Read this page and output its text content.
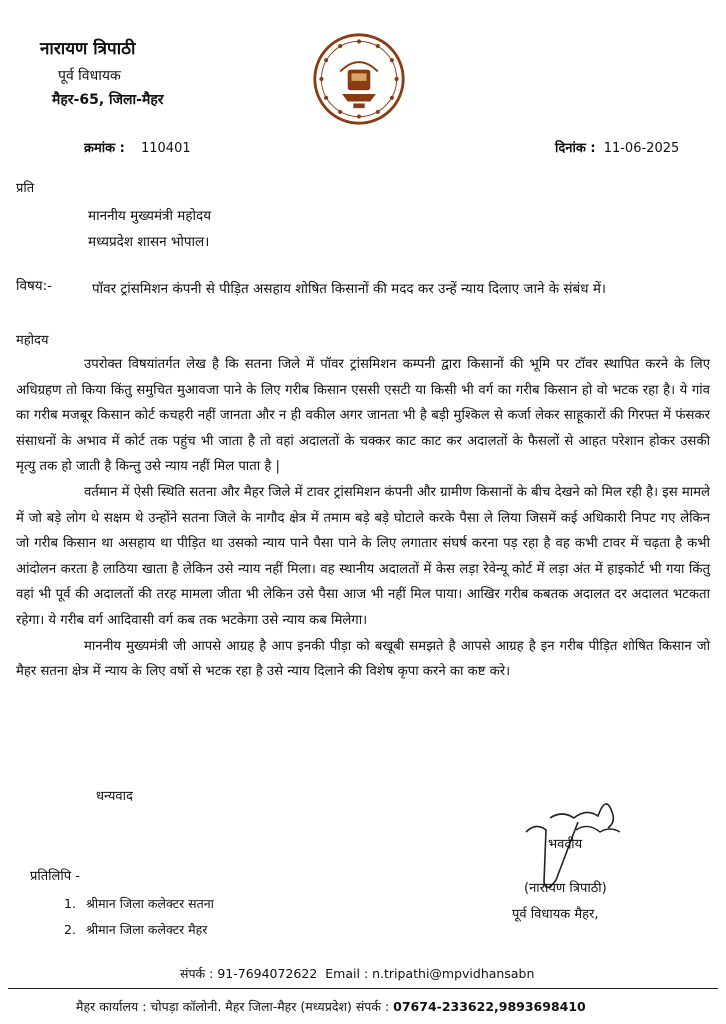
नारायण त्रिपाठी
पूर्व विधायक
मैहर-65, जिला-मैहर
क्रमांक : 110401	दिनांक : 11-06-2025
प्रति
माननीय मुख्यमंत्री महोदय
मध्यप्रदेश शासन भोपाल।
विषय:-	पॉवर ट्रांसमिशन कंपनी से पीड़ित असहाय शोषित किसानों की मदद कर उन्हें न्याय दिलाए जाने के संबंध में।
महोदय

उपरोक्त विषयांतर्गत लेख है कि सतना जिले में पॉवर ट्रांसमिशन कम्पनी द्वारा किसानों की भूमि पर टॉवर स्थापित करने के लिए अधिग्रहण तो किया किंतु समुचित मुआवजा पाने के लिए गरीब किसान एससी एसटी या किसी भी वर्ग का गरीब किसान हो वो भटक रहा है। ये गांव का गरीब मजबूर किसान कोर्ट कचहरी नहीं जानता और न ही वकील अगर जानता भी है बड़ी मुश्किल से कर्जा लेकर साहूकारों की गिरफ्त में फंसकर संसाधनों के अभाव में कोर्ट तक पहुंच भी जाता है तो वहां अदालतों के चक्कर काट काट कर अदालतों के फैसलों से आहत परेशान होकर उसकी मृत्यु तक हो जाती है किन्तु उसे न्याय नहीं मिल पाता है |

वर्तमान में ऐसी स्थिति सतना और मैहर जिले में टावर ट्रांसमिशन कंपनी और ग्रामीण किसानों के बीच देखने को मिल रही है। इस मामले में जो बड़े लोग थे सक्षम थे उन्होंने सतना जिले के नागौद क्षेत्र में तमाम बड़े बड़े घोटाले करके पैसा ले लिया जिसमें कई अधिकारी निपट गए लेकिन जो गरीब किसान था असहाय था पीड़ित था उसको न्याय पाने पैसा पाने के लिए लगातार संघर्ष करना पड़ रहा है वह कभी टावर में चढ़ता है कभी आंदोलन करता है लाठिया खाता है लेकिन उसे न्याय नहीं मिला। वह स्थानीय अदालतों में केस लड़ा रेवेन्यू कोर्ट में लड़ा अंत में हाइकोर्ट भी गया किंतु वहां भी पूर्व की अदालतों की तरह मामला जीता भी लेकिन उसे पैसा आज भी नहीं मिल पाया। आखिर गरीब कबतक अदालत दर अदालत भटकता रहेगा। ये गरीब वर्ग आदिवासी वर्ग कब तक भटकेगा उसे न्याय कब मिलेगा।

माननीय मुख्यमंत्री जी आपसे आग्रह है आप इनकी पीड़ा को बखूबी समझते है आपसे आग्रह है इन गरीब पीड़ित शोषित किसान जो मैहर सतना क्षेत्र में न्याय के लिए वर्षो से भटक रहा है उसे न्याय दिलाने की विशेष कृपा करने का कष्ट करे।

धन्यवाद
भवदीय
(नारायण त्रिपाठी)
पूर्व विधायक मैहर,
प्रतिलिपि -
1. श्रीमान जिला कलेक्टर सतना
2. श्रीमान जिला कलेक्टर मैहर
संपर्क : 91-7694072622 Email : n.tripathi@mpvidhansabn
मैहर कार्यालय : चोपड़ा कॉलोनी. मैहर जिला-मैहर (मध्यप्रदेश) संपर्क : 07674-233622,9893698410
